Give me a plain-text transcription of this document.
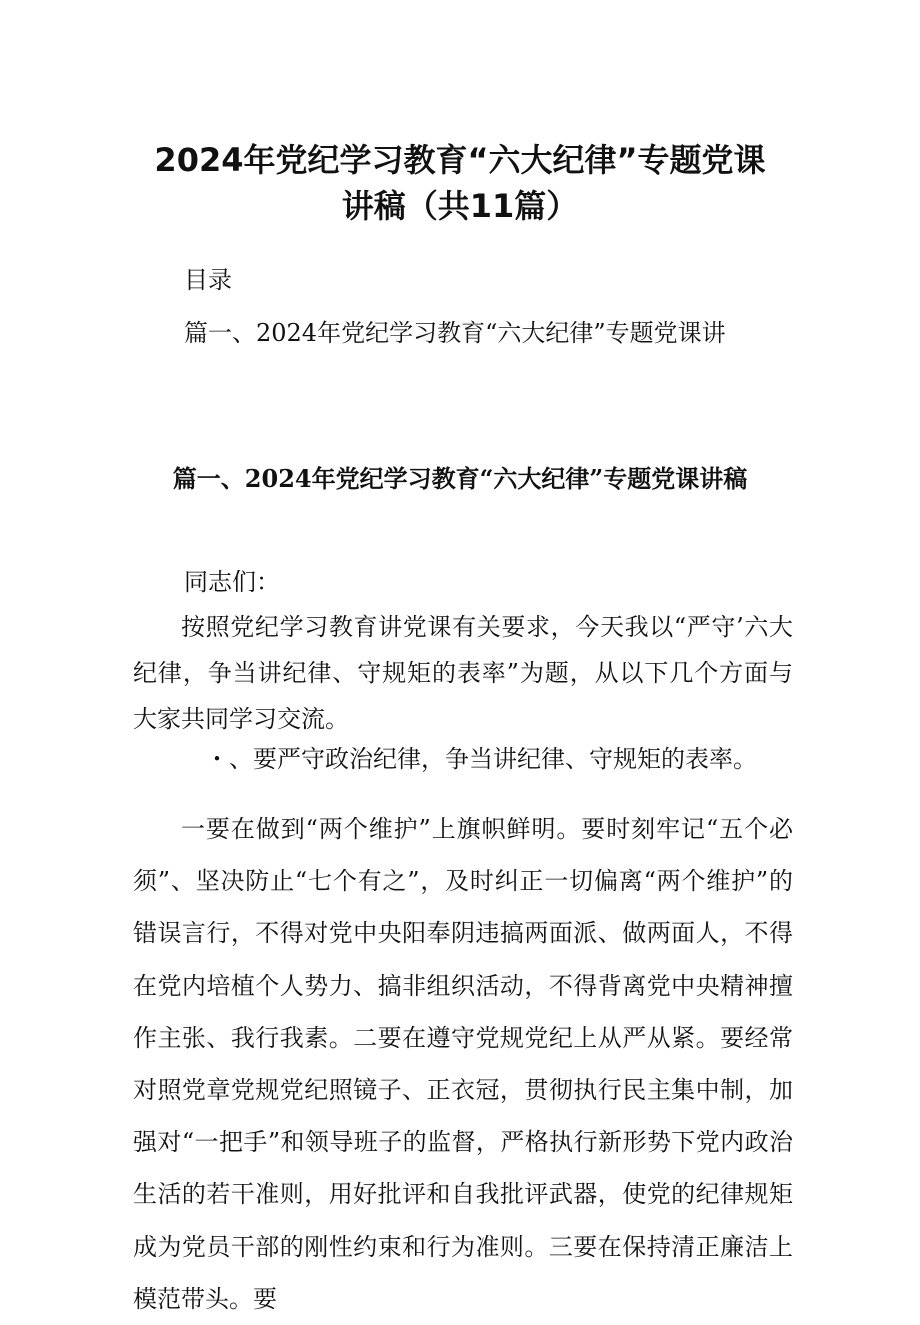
2024年党纪学习教育“六大纪律”专题党课
讲稿（共11篇）

目录

篇一、2024年党纪学习教育“六大纪律”专题党课讲

篇一、2024年党纪学习教育“六大纪律”专题党课讲稿

同志们：

按照党纪学习教育讲党课有关要求，今天我以“严守’六大纪律，争当讲纪律、守规矩的表率”为题，从以下几个方面与大家共同学习交流。

・、要严守政治纪律，争当讲纪律、守规矩的表率。

一要在做到“两个维护”上旗帜鲜明。要时刻牢记“五个必须”、坚决防止“七个有之”，及时纠正一切偏离“两个维护”的错误言行，不得对党中央阳奉阴违搞两面派、做两面人，不得在党内培植个人势力、搞非组织活动，不得背离党中央精神擅作主张、我行我素。二要在遵守党规党纪上从严从紧。要经常对照党章党规党纪照镜子、正衣冠，贯彻执行民主集中制，加强对“一把手”和领导班子的监督，严格执行新形势下党内政治生活的若干准则，用好批评和自我批评武器，使党的纪律规矩成为党员干部的刚性约束和行为准则。三要在保持清正廉洁上模范带头。要
